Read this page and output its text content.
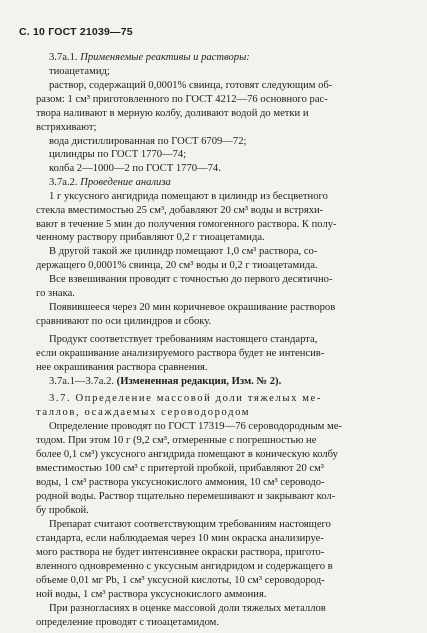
С. 10 ГОСТ 21039—75
3.7а.1. Применяемые реактивы и растворы:
тиоацетамид;
раствор, содержащий 0,0001% свинца, готовят следующим об-
разом: 1 см³ приготовленного по ГОСТ 4212—76 основного рас-
твора наливают в мерную колбу, доливают водой до метки и
встряхивают;
вода дистиллированная по ГОСТ 6709—72;
цилиндры по ГОСТ 1770—74;
колба 2—1000—2 по ГОСТ 1770—74.
3.7а.2. Проведение анализа
1 г уксусного ангидрида помещают в цилиндр из бесцветного
стекла вместимостью 25 см³, добавляют 20 см³ воды и встряхи-
вают в течение 5 мин до получения гомогенного раствора. К полу-
ченному раствору прибавляют 0,2 г тиоацетамида.
В другой такой же цилиндр помещают 1,0 см³ раствора, со-
держащего 0,0001% свинца, 20 см³ воды и 0,2 г тиоацетамида.
Все взвешивания проводят с точностью до первого десятично-
го знака.
Появившееся через 20 мин коричневое окрашивание растворов
сравнивают по оси цилиндров и сбоку.
Продукт соответствует требованиям настоящего стандарта,
если окрашивание анализируемого раствора будет не интенсив-
нее окрашивания раствора сравнения.
3.7а.1—3.7а.2. (Измененная редакция, Изм. № 2).
3.7. Определение массовой доли тяжелых ме-
таллов, осаждаемых сероводородом
Определение проводят по ГОСТ 17319—76 сероводородным ме-
тодом. При этом 10 г (9,2 см³, отмеренные с погрешностью не
более 0,1 см³) уксусного ангидрида помещают в коническую колбу
вместимостью 100 см³ с притертой пробкой, прибавляют 20 см³
воды, 1 см³ раствора уксуснокислого аммония, 10 см³ сероводо-
родной воды. Раствор тщательно перемешивают и закрывают кол-
бу пробкой.
Препарат считают соответствующим требованиям настоящего
стандарта, если наблюдаемая через 10 мин окраска анализируе-
мого раствора не будет интенсивнее окраски раствора, пригото-
вленного одновременно с уксусным ангидридом и содержащего в
объеме 0,01 мг Pb, 1 см³ уксусной кислоты, 10 см³ сероводород-
ной воды, 1 см³ раствора уксуснокислого аммония.
При разногласиях в оценке массовой доли тяжелых металлов
определение проводят с тиоацетамидом.
